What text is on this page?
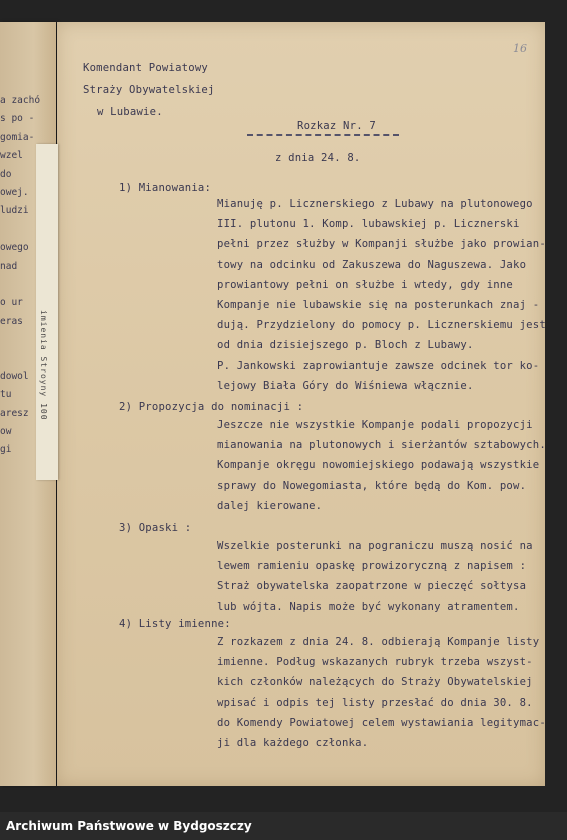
a zachó
s po -
gomia-
wzel
do
owej.
ludzi
owego
nad
o ur
eras
dowol
tu
aresz
ow
gi
16
Komendant Powiatowy
Straży Obywatelskiej
w Lubawie.
Rozkaz Nr. 7
z dnia 24. 8.
1) Mianowania:
Mianuję p. Licznerskiego z Lubawy na plutonowego
III. plutonu 1. Komp. lubawskiej p. Licznerski
pełni przez służby w Kompanji służbe jako prowian-
towy na odcinku od Zakuszewa do Naguszewa. Jako
prowiantowy pełni on służbe i wtedy, gdy inne
Kompanje nie lubawskie się na posterunkach znaj -
dują. Przydzielony do pomocy p. Licznerskiemu jest
od dnia dzisiejszego p. Bloch z Lubawy.
P. Jankowski zaprowiantuje zawsze odcinek tor ko-
lejowy Biała Góry do Wiśniewa włącznie.
2) Propozycja do nominacji :
Jeszcze nie wszystkie Kompanje podali propozycji
mianowania na plutonowych i sierżantów sztabowych.
Kompanje okręgu nowomiejskiego podawają wszystkie
sprawy do Nowegomiasta, które będą do Kom. pow.
dalej kierowane.
3) Opaski :
Wszelkie posterunki na pograniczu muszą nosić na
lewem ramieniu opaskę prowizoryczną z napisem :
Straż obywatelska zaopatrzone w pieczęć sołtysa
lub wójta. Napis może być wykonany atramentem.
4) Listy imienne:
Z rozkazem z dnia 24. 8. odbierają Kompanje listy
imienne. Podług wskazanych rubryk trzeba wszyst-
kich członków należących do Straży Obywatelskiej
wpisać i odpis tej listy przesłać do dnia 30. 8.
do Komendy Powiatowej celem wystawiania legitymac-
ji dla każdego członka.
imienia Stroyny 100
Archiwum Państwowe w Bydgoszczy
